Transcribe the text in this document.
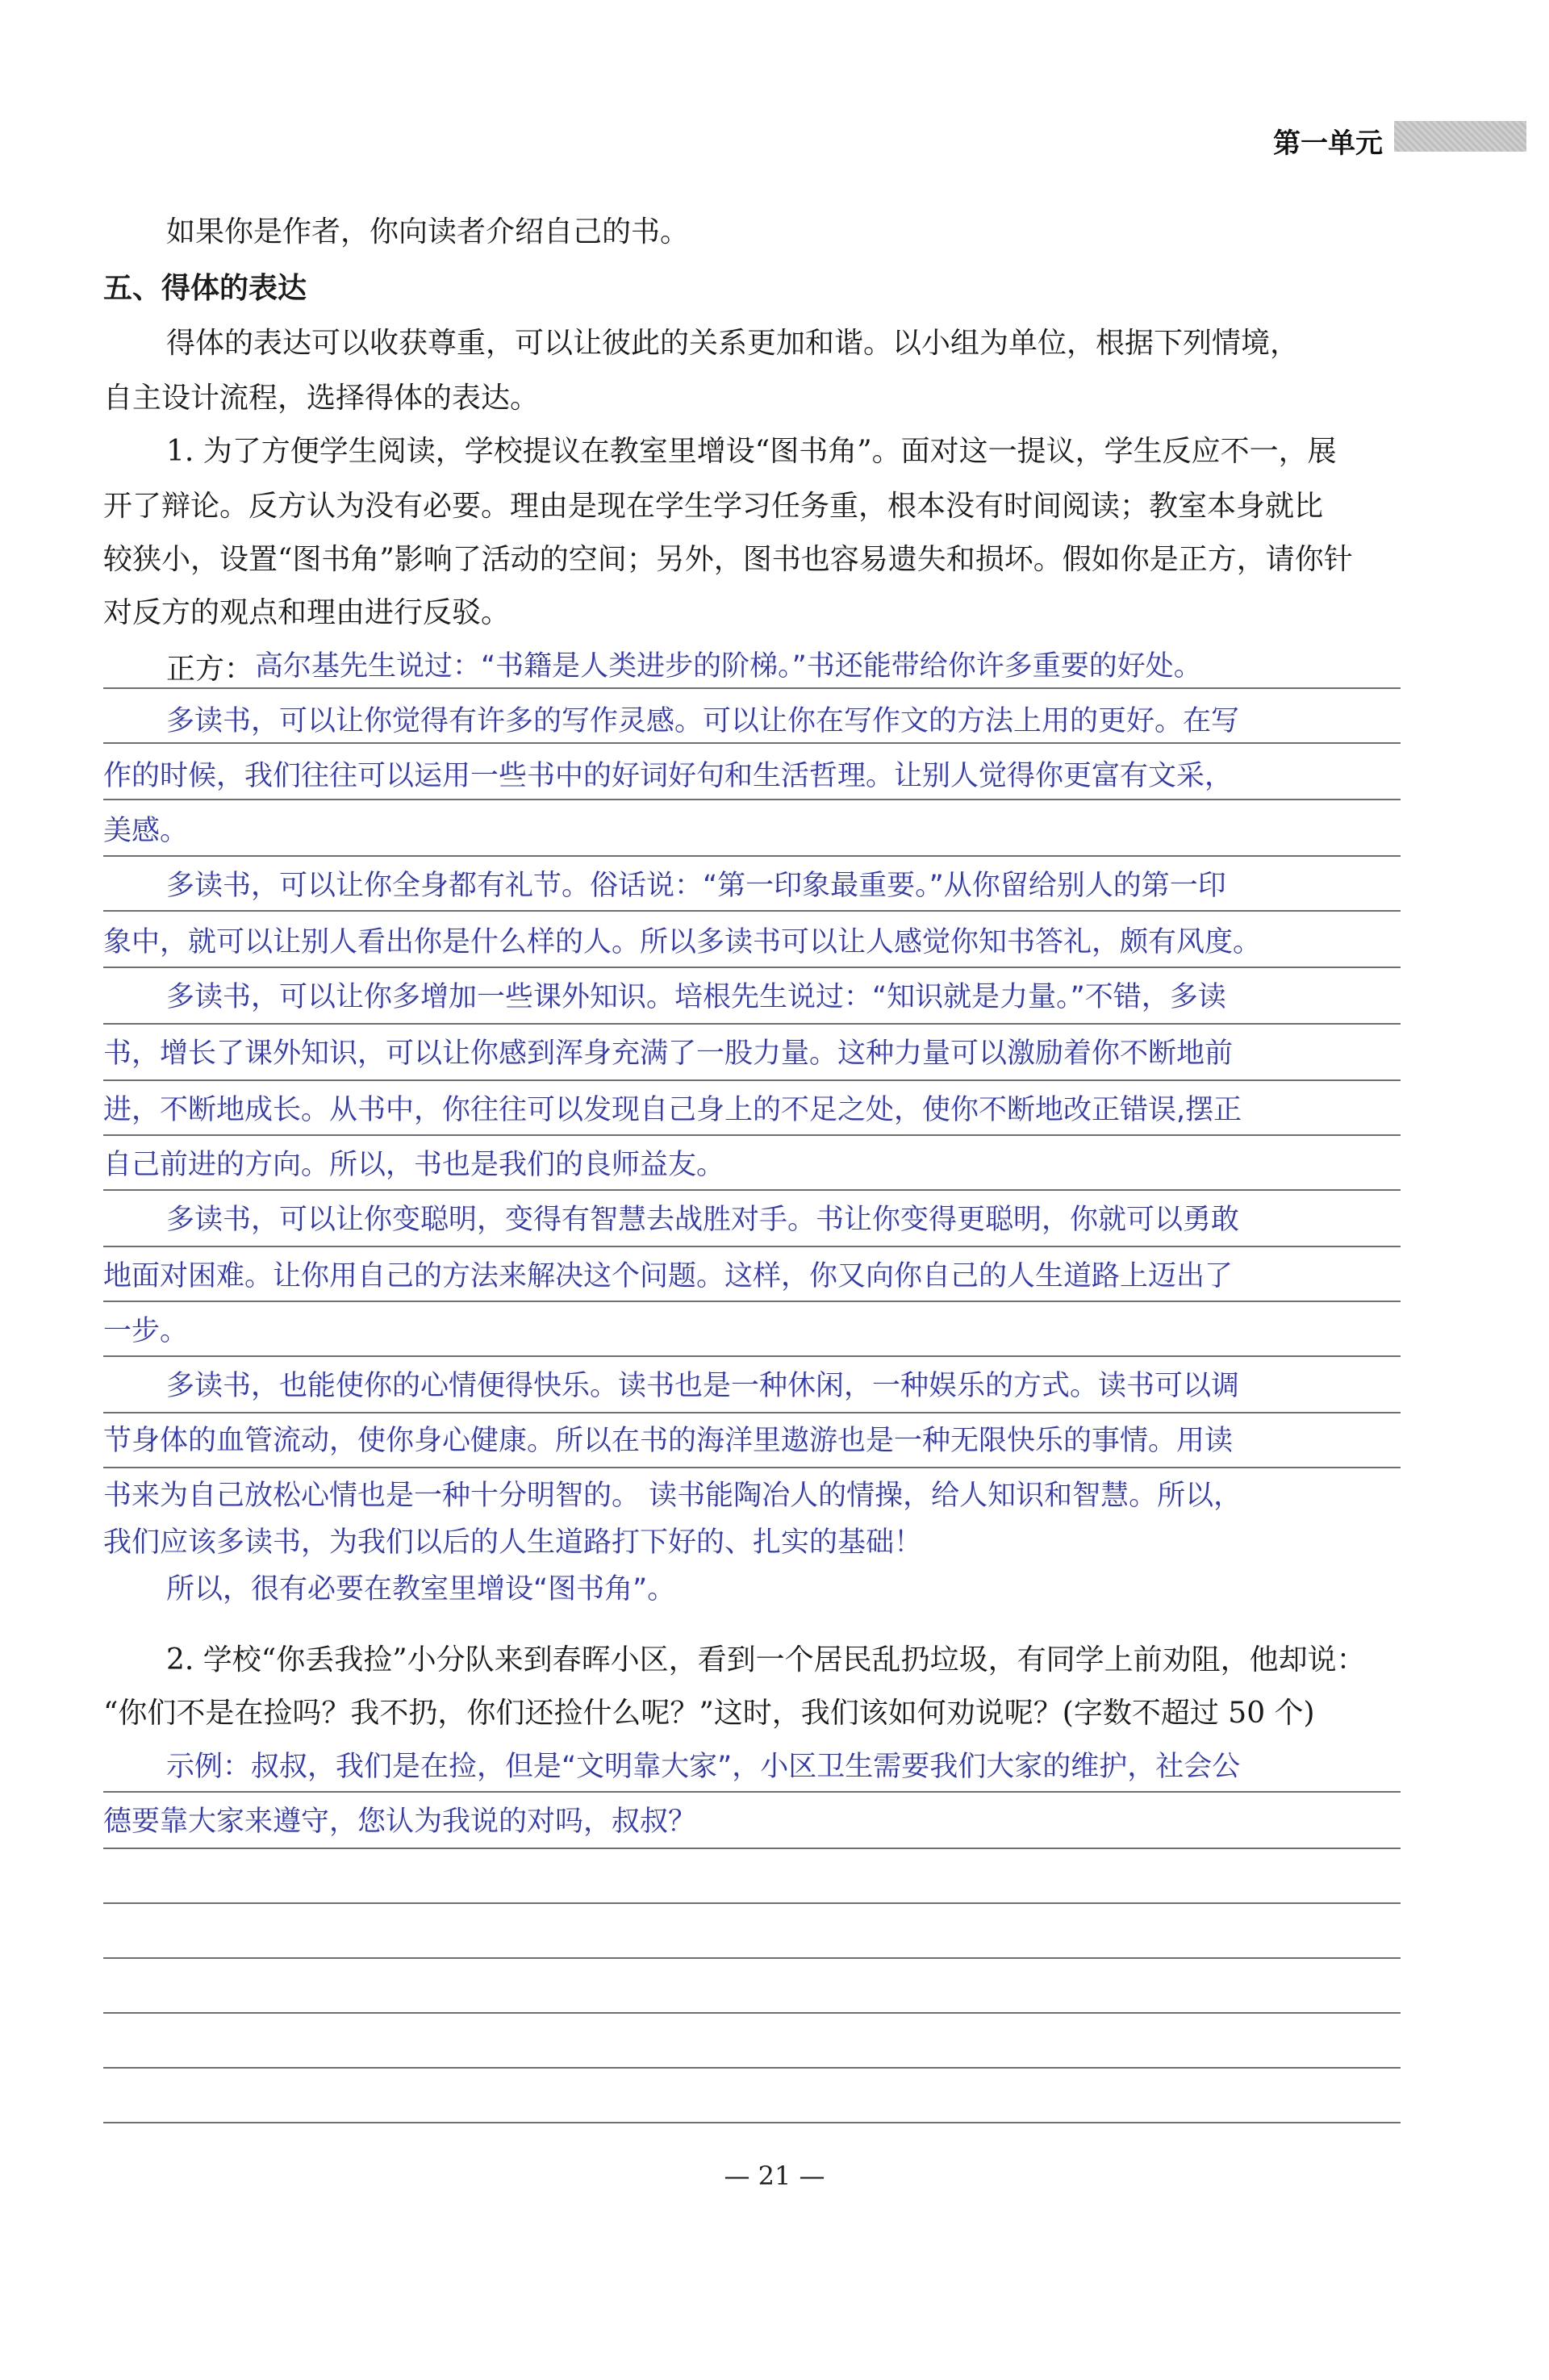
第一单元
如果你是作者，你向读者介绍自己的书。
五、得体的表达
得体的表达可以收获尊重，可以让彼此的关系更加和谐。以小组为单位，根据下列情境，
自主设计流程，选择得体的表达。
1. 为了方便学生阅读，学校提议在教室里增设“图书角”。面对这一提议，学生反应不一，展
开了辩论。反方认为没有必要。理由是现在学生学习任务重，根本没有时间阅读；教室本身就比
较狭小，设置“图书角”影响了活动的空间；另外，图书也容易遗失和损坏。假如你是正方，请你针
对反方的观点和理由进行反驳。
正方： 高尔基先生说过：“书籍是人类进步的阶梯。”书还能带给你许多重要的好处。
多读书，可以让你觉得有许多的写作灵感。可以让你在写作文的方法上用的更好。在写
作的时候，我们往往可以运用一些书中的好词好句和生活哲理。让别人觉得你更富有文采，
美感。
多读书，可以让你全身都有礼节。俗话说：“第一印象最重要。”从你留给别人的第一印
象中，就可以让别人看出你是什么样的人。所以多读书可以让人感觉你知书答礼，颇有风度。
多读书，可以让你多增加一些课外知识。培根先生说过：“知识就是力量。”不错，多读
书，增长了课外知识，可以让你感到浑身充满了一股力量。这种力量可以激励着你不断地前
进，不断地成长。从书中，你往往可以发现自己身上的不足之处，使你不断地改正错误,摆正
自己前进的方向。所以，书也是我们的良师益友。
多读书，可以让你变聪明，变得有智慧去战胜对手。书让你变得更聪明，你就可以勇敢
地面对困难。让你用自己的方法来解决这个问题。这样，你又向你自己的人生道路上迈出了
一步。
多读书，也能使你的心情便得快乐。读书也是一种休闲，一种娱乐的方式。读书可以调
节身体的血管流动，使你身心健康。所以在书的海洋里遨游也是一种无限快乐的事情。用读
书来为自己放松心情也是一种十分明智的。 读书能陶冶人的情操，给人知识和智慧。所以，
我们应该多读书，为我们以后的人生道路打下好的、扎实的基础！
所以，很有必要在教室里增设“图书角”。
2. 学校“你丢我捡”小分队来到春晖小区，看到一个居民乱扔垃圾，有同学上前劝阻，他却说：
“你们不是在捡吗？我不扔，你们还捡什么呢？”这时，我们该如何劝说呢？(字数不超过 50 个)
示例：叔叔，我们是在捡，但是“文明靠大家”，小区卫生需要我们大家的维护，社会公
德要靠大家来遵守，您认为我说的对吗，叔叔？
— 21 —
